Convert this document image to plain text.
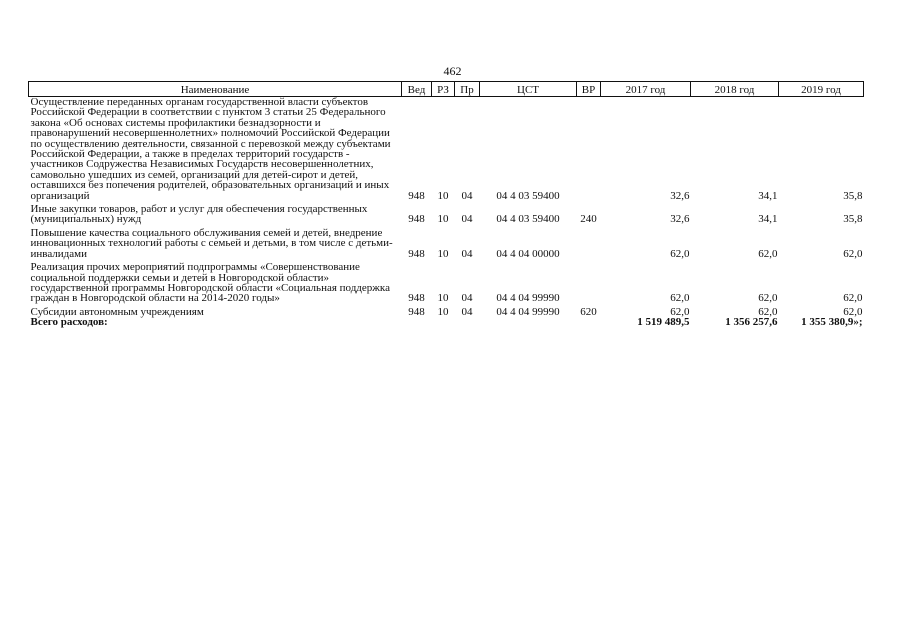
462
Наименование	Вед	РЗ	Пр	ЦСТ	ВР	2017 год	2018 год	2019 год
Осуществление переданных органам государственной власти субъектов Российской Федерации в соответствии с пунктом 3 статьи 25 Федерального закона «Об основах системы профилактики безнадзорности и правонарушений несовершеннолетних» полномочий Российской Федерации по осуществлению деятельности, связанной с перевозкой между субъектами Российской Федерации, а также в пределах территорий государств - участников Содружества Независимых Государств несовершеннолетних, самовольно ушедших из семей, организаций для детей-сирот и детей, оставшихся без попечения родителей, образовательных организаций и иных организаций	948	10	04	04 4 03 59400		32,6	34,1	35,8
Иные закупки товаров, работ и услуг для обеспечения государственных (муниципальных) нужд	948	10	04	04 4 03 59400	240	32,6	34,1	35,8
Повышение качества социального обслуживания семей и детей, внедрение инновационных технологий работы с семьей и детьми, в том числе с детьми-инвалидами	948	10	04	04 4 04 00000		62,0	62,0	62,0
Реализация прочих мероприятий подпрограммы «Совершенствование социальной поддержки семьи и детей в Новгородской области» государственной программы Новгородской области «Социальная поддержка граждан в Новгородской области на 2014-2020 годы»	948	10	04	04 4 04 99990		62,0	62,0	62,0
Субсидии автономным учреждениям	948	10	04	04 4 04 99990	620	62,0	62,0	62,0
Всего расходов:						1 519 489,5	1 356 257,6	1 355 380,9»;
